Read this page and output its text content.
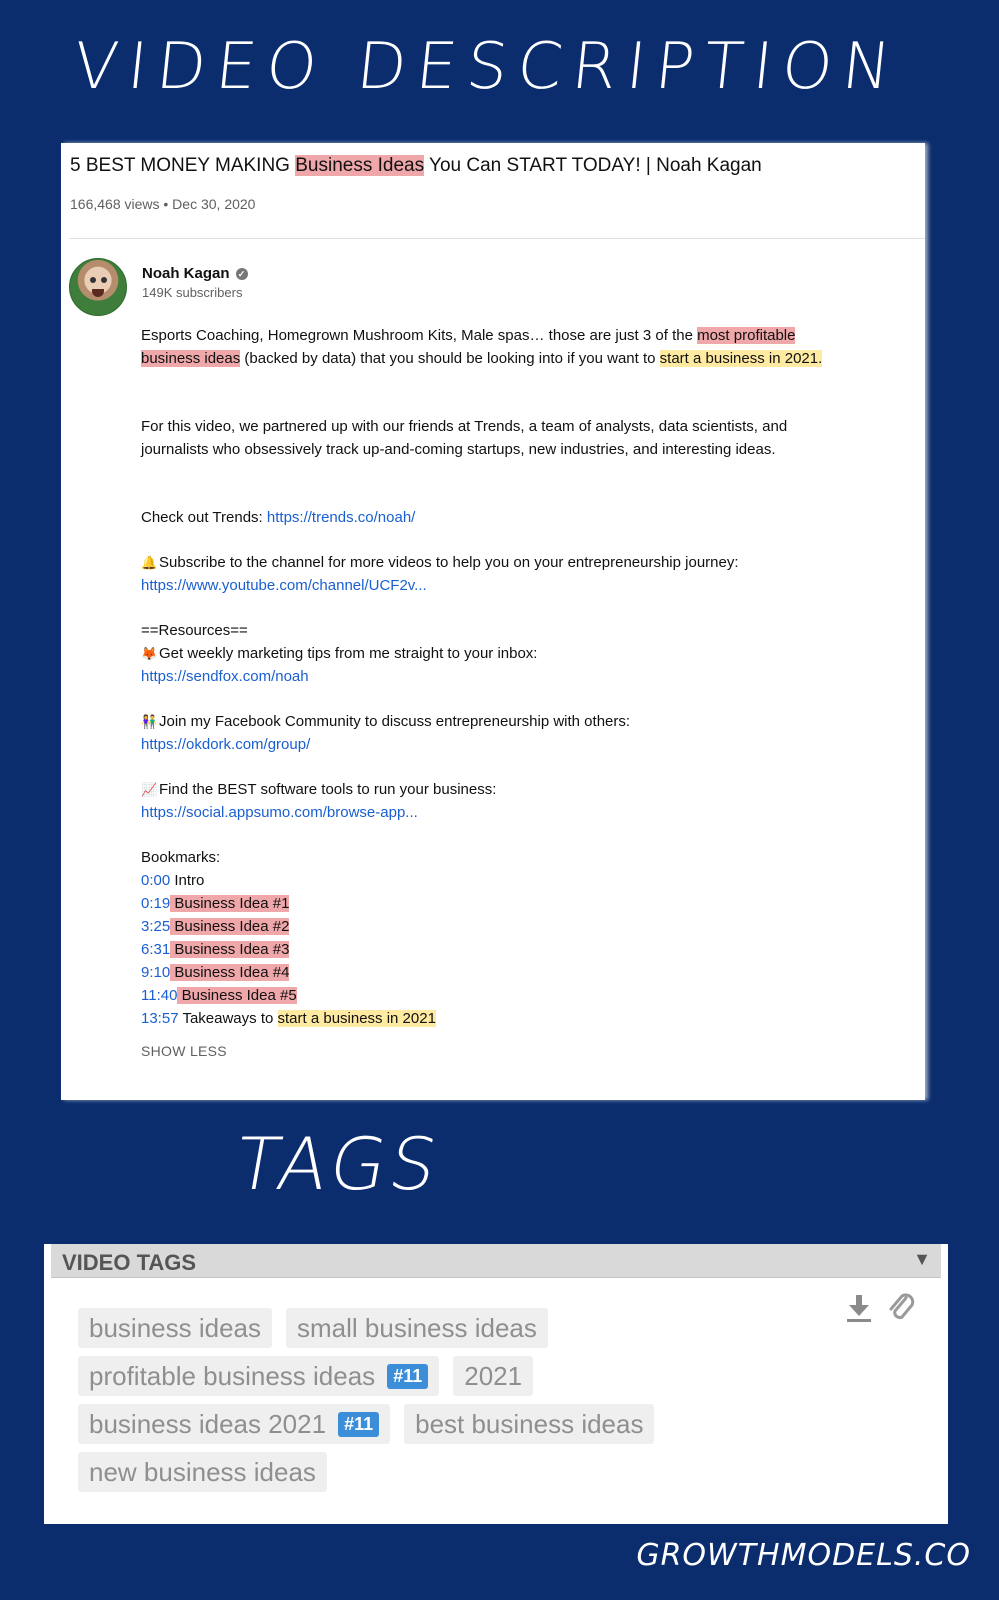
VIDEO DESCRIPTION
5 BEST MONEY MAKING Business Ideas You Can START TODAY! | Noah Kagan
166,468 views • Dec 30, 2020
Noah Kagan ✓
149K subscribers
Esports Coaching, Homegrown Mushroom Kits, Male spas… those are just 3 of the most profitable business ideas (backed by data) that you should be looking into if you want to start a business in 2021.
For this video, we partnered up with our friends at Trends, a team of analysts, data scientists, and journalists who obsessively track up-and-coming startups, new industries, and interesting ideas.
Check out Trends: https://trends.co/noah/
🔔 Subscribe to the channel for more videos to help you on your entrepreneurship journey:
https://www.youtube.com/channel/UCF2v...
==Resources==
🦊 Get weekly marketing tips from me straight to your inbox:
https://sendfox.com/noah
👫 Join my Facebook Community to discuss entrepreneurship with others:
https://okdork.com/group/
📈 Find the BEST software tools to run your business:
https://social.appsumo.com/browse-app...
Bookmarks:

0:00 Intro
0:19 Business Idea #1
3:25 Business Idea #2
6:31 Business Idea #3
9:10 Business Idea #4
11:40 Business Idea #5
13:57 Takeaways to start a business in 2021
SHOW LESS
TAGS
VIDEO TAGS	▼
business ideas small business ideas

profitable business ideas	#11 2021

business ideas 2021	#11 best business ideas

new business ideas
GROWTHMODELS.CO
